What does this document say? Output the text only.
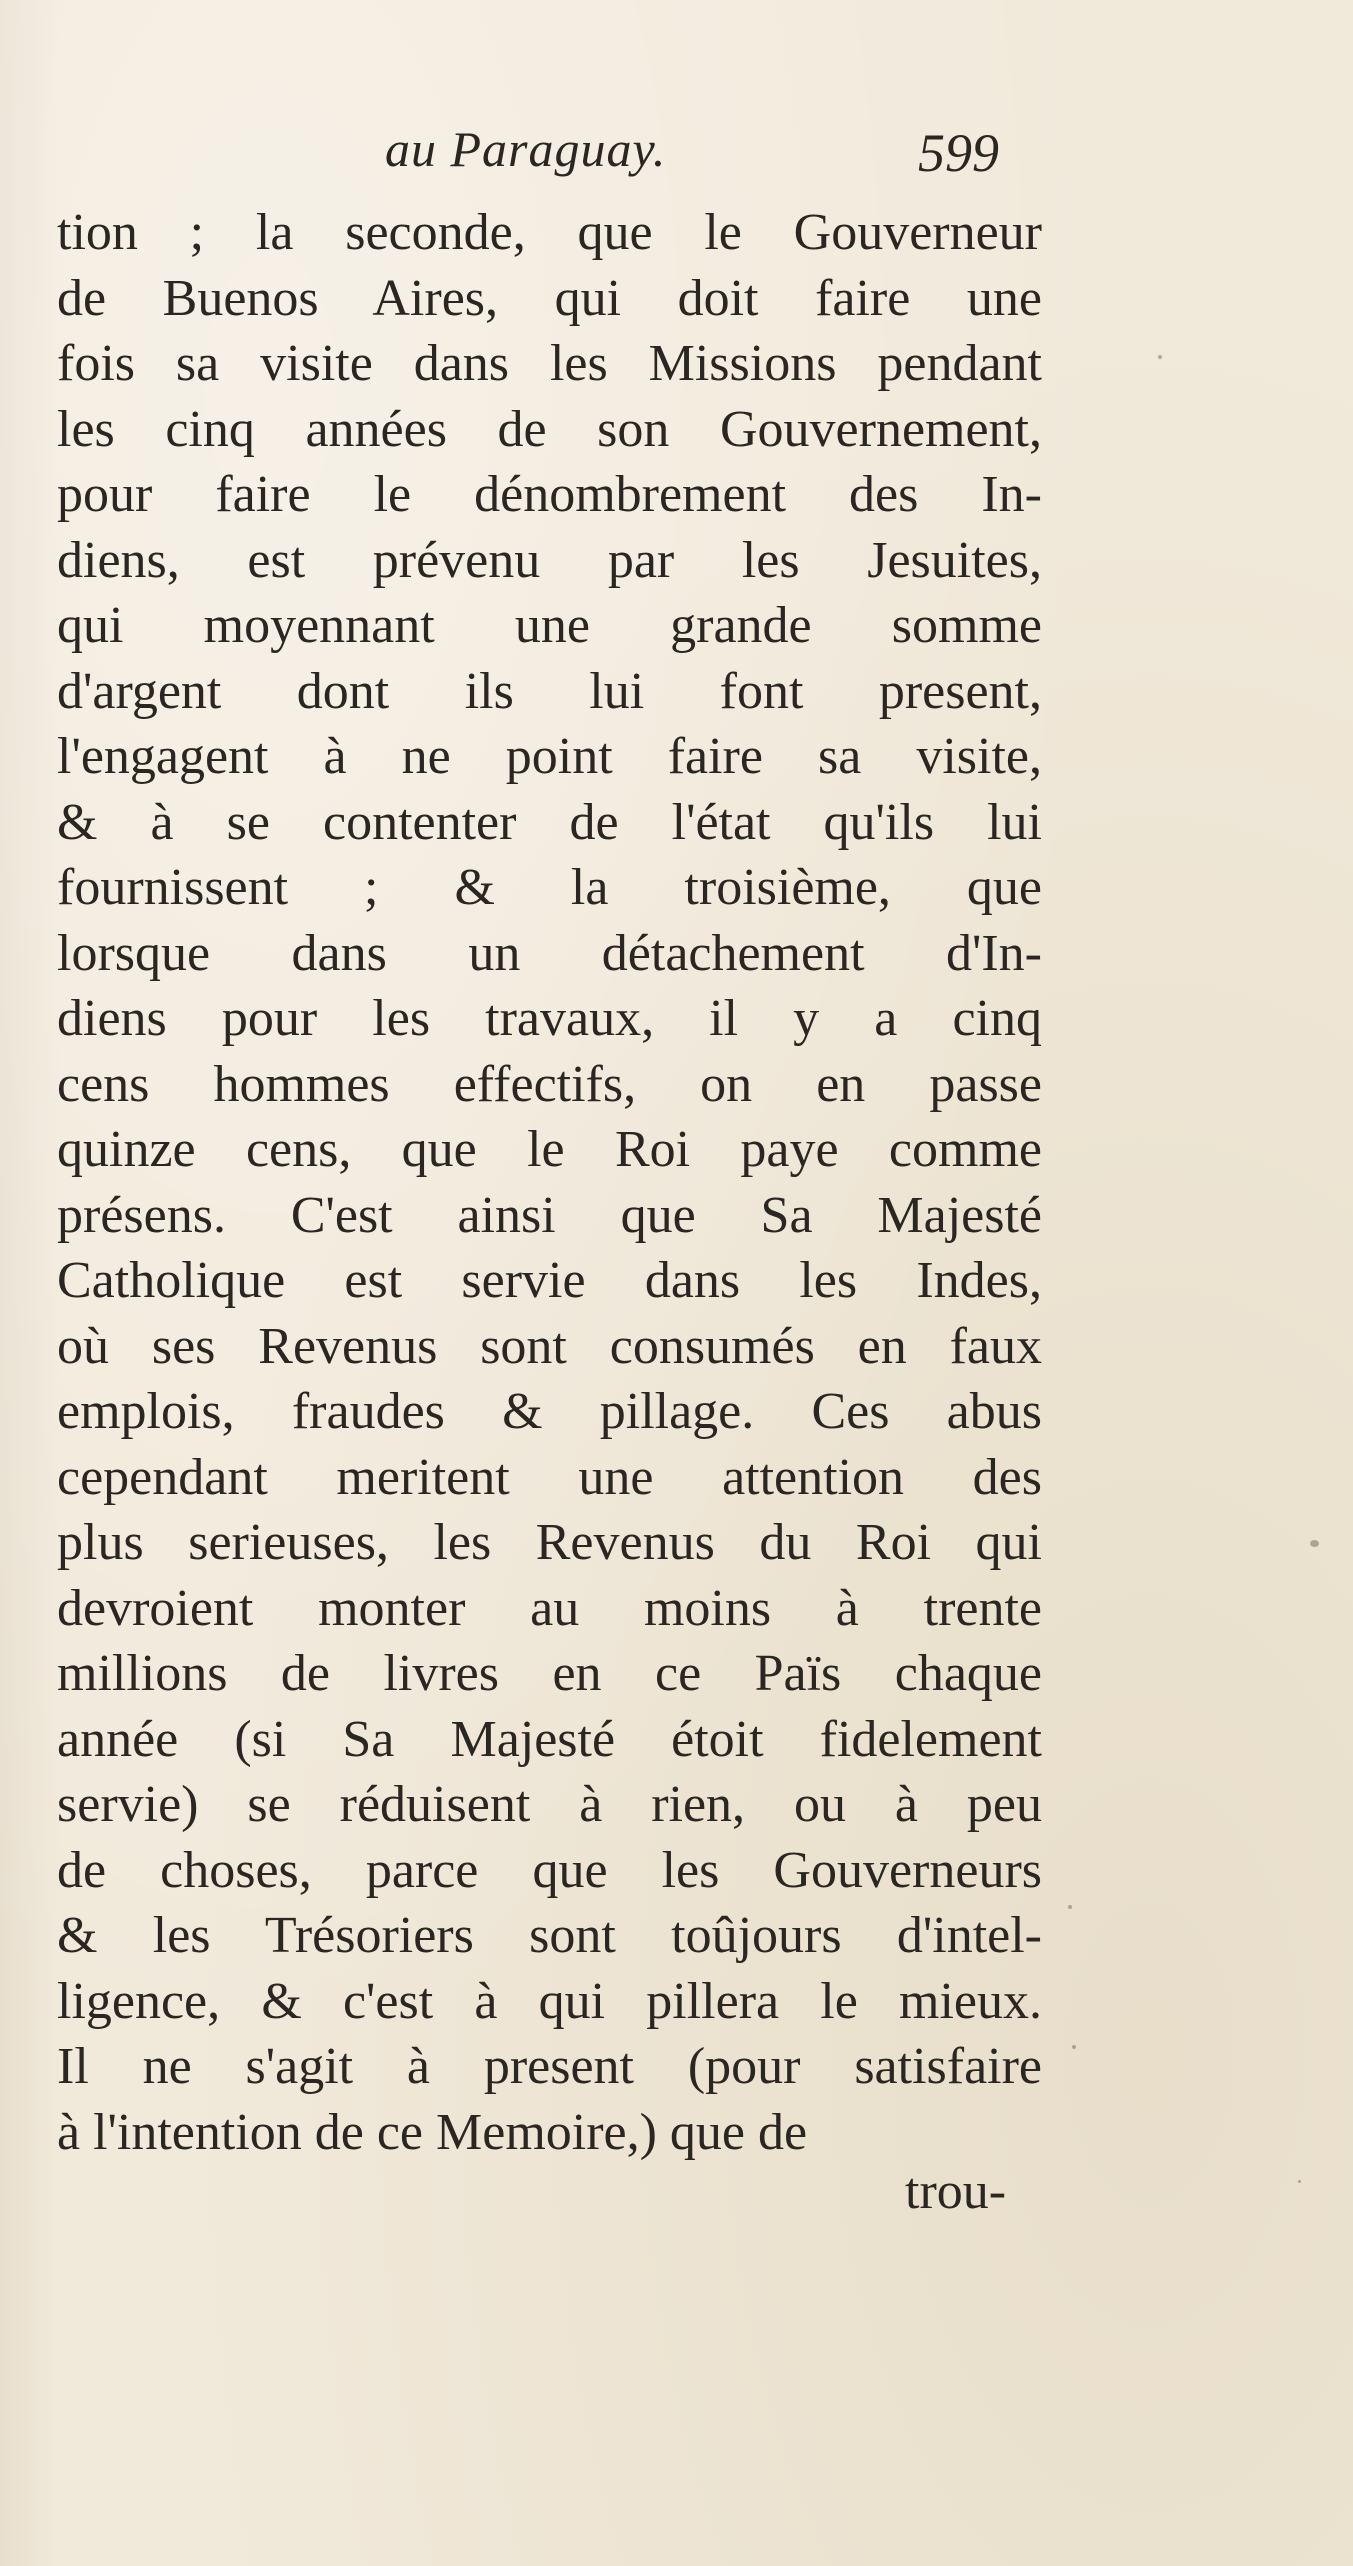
au Paraguay.	599
tion ; la seconde, que le Gouverneur
de Buenos Aires, qui doit faire une
fois sa visite dans les Missions pendant
les cinq années de son Gouvernement,
pour faire le dénombrement des In-
diens, est prévenu par les Jesuites,
qui moyennant une grande somme
d'argent dont ils lui font present,
l'engagent à ne point faire sa visite,
& à se contenter de l'état qu'ils lui
fournissent ; & la troisième, que
lorsque dans un détachement d'In-
diens pour les travaux, il y a cinq
cens hommes effectifs, on en passe
quinze cens, que le Roi paye comme
présens. C'est ainsi que Sa Majesté
Catholique est servie dans les Indes,
où ses Revenus sont consumés en faux
emplois, fraudes & pillage. Ces abus
cependant meritent une attention des
plus serieuses, les Revenus du Roi qui
devroient monter au moins à trente
millions de livres en ce Païs chaque
année (si Sa Majesté étoit fidelement
servie) se réduisent à rien, ou à peu
de choses, parce que les Gouverneurs
& les Trésoriers sont toûjours d'intel-
ligence, & c'est à qui pillera le mieux.
Il ne s'agit à present (pour satisfaire
à l'intention de ce Memoire,) que de
trou-
